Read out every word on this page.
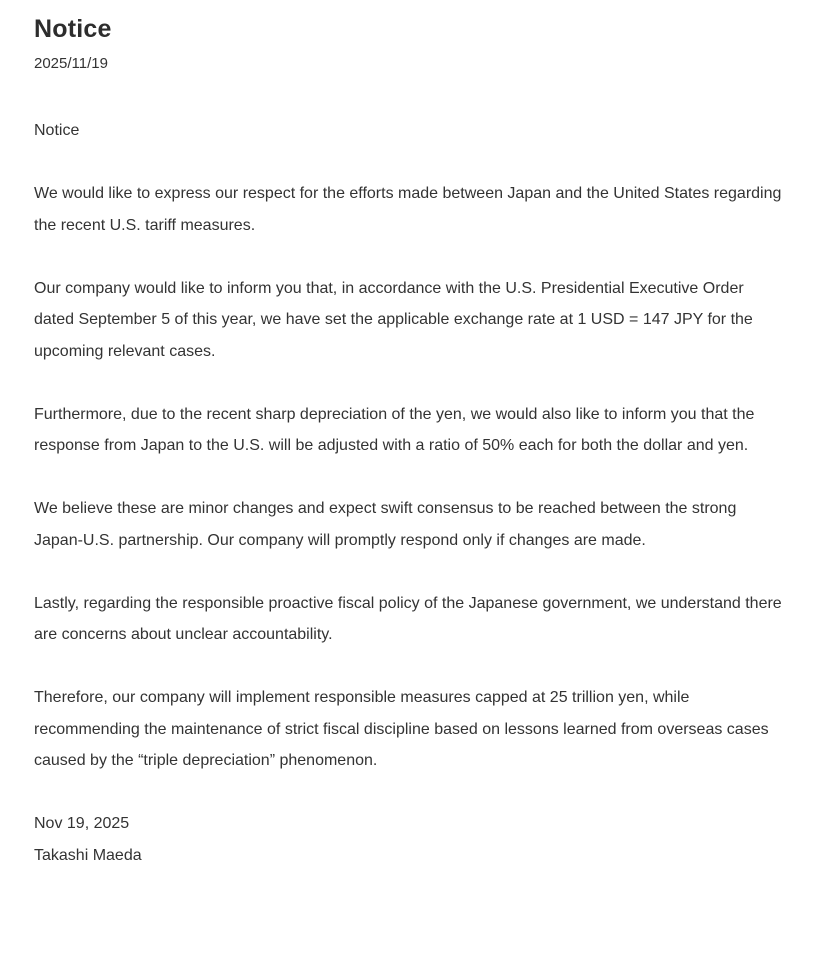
Notice
2025/11/19

Notice

We would like to express our respect for the efforts made between Japan and the United States regarding the recent U.S. tariff measures.

Our company would like to inform you that, in accordance with the U.S. Presidential Executive Order dated September 5 of this year, we have set the applicable exchange rate at 1 USD = 147 JPY for the upcoming relevant cases.

Furthermore, due to the recent sharp depreciation of the yen, we would also like to inform you that the response from Japan to the U.S. will be adjusted with a ratio of 50% each for both the dollar and yen.

We believe these are minor changes and expect swift consensus to be reached between the strong Japan-U.S. partnership. Our company will promptly respond only if changes are made.

Lastly, regarding the responsible proactive fiscal policy of the Japanese government, we understand there are concerns about unclear accountability.

Therefore, our company will implement responsible measures capped at 25 trillion yen, while recommending the maintenance of strict fiscal discipline based on lessons learned from overseas cases caused by the “triple depreciation” phenomenon.

Nov 19, 2025
Takashi Maeda
